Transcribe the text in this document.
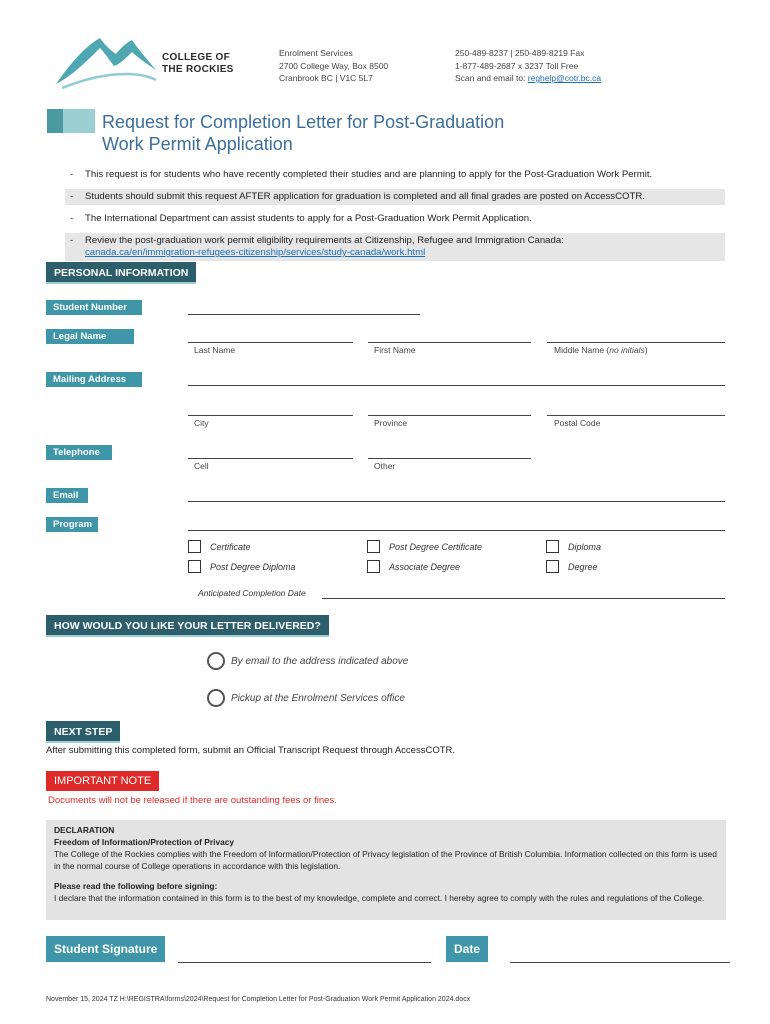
COLLEGE OF
THE ROCKIES
Enrolment Services
2700 College Way, Box 8500
Cranbrook BC | V1C 5L7
250-489-8237 | 250-489-8219 Fax
1-877-489-2687 x 3237 Toll Free
Scan and email to: reghelp@cotr.bc.ca
Request for Completion Letter for Post-Graduation
Work Permit Application
- This request is for students who have recently completed their studies and are planning to apply for the Post-Graduation Work Permit.
- Students should submit this request AFTER application for graduation is completed and all final grades are posted on AccessCOTR.
- The International Department can assist students to apply for a Post-Graduation Work Permit Application.
- Review the post-graduation work permit eligibility requirements at Citizenship, Refugee and Immigration Canada:
canada.ca/en/immigration-refugees-citizenship/services/study-canada/work.html
PERSONAL INFORMATION
Student Number
Legal Name
Last Name	First Name	Middle Name (no initials)
Mailing Address
City	Province	Postal Code
Telephone
Cell	Other
Email
Program
Certificate	Post Degree Certificate	Diploma
Post Degree Diploma	Associate Degree	Degree
Anticipated Completion Date
HOW WOULD YOU LIKE YOUR LETTER DELIVERED?
By email to the address indicated above
Pickup at the Enrolment Services office
NEXT STEP
After submitting this completed form, submit an Official Transcript Request through AccessCOTR.
IMPORTANT NOTE
Documents will not be released if there are outstanding fees or fines.
DECLARATION
Freedom of Information/Protection of Privacy
The College of the Rockies complies with the Freedom of Information/Protection of Privacy legislation of the Province of British Columbia. Information collected on this form is used in the normal course of College operations in accordance with this legislation.
Please read the following before signing:
I declare that the information contained in this form is to the best of my knowledge, complete and correct. I hereby agree to comply with the rules and regulations of the College.
Student Signature	Date
November 15, 2024 TZ H:\REGISTRA\forms\2024\Request for Completion Letter for Post-Graduation Work Permit Application 2024.docx
